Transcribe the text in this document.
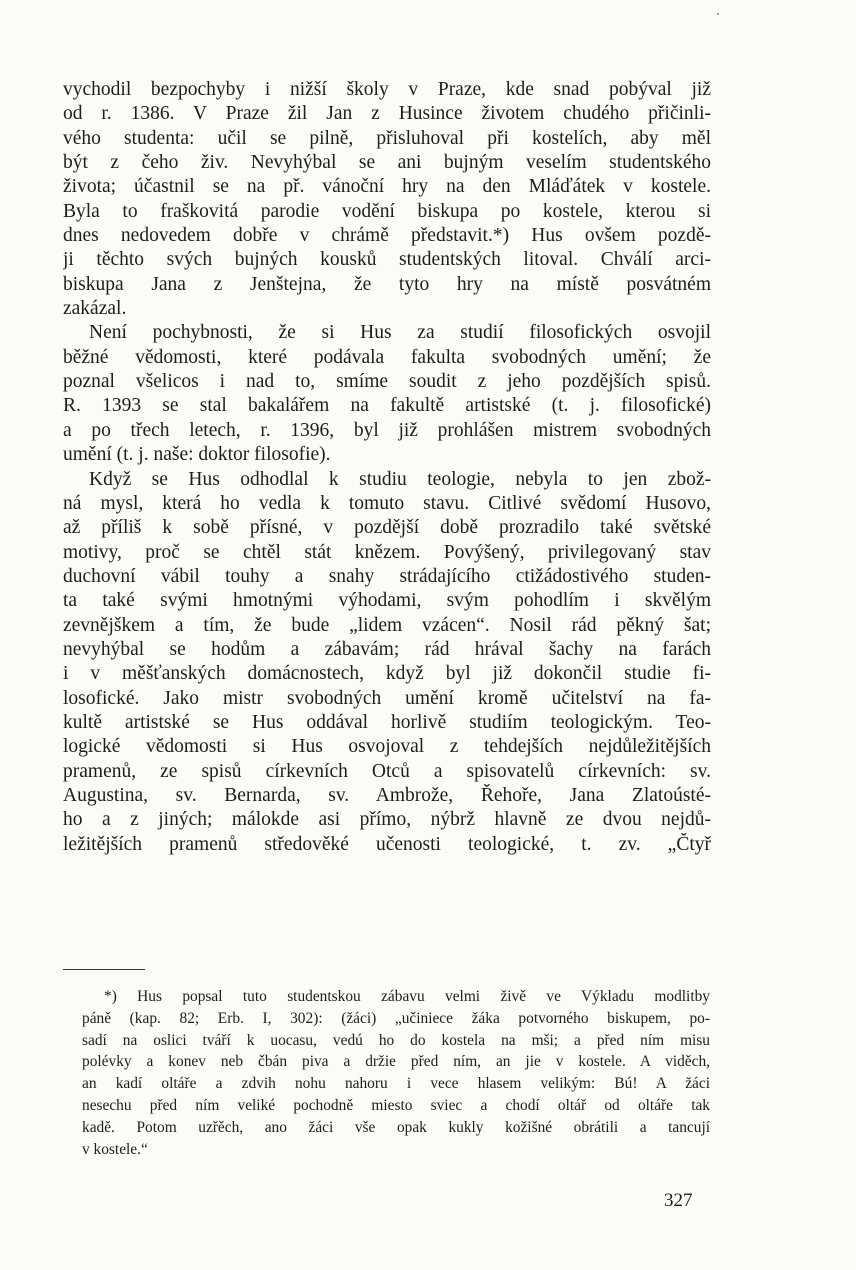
vychodil bezpochyby i nižší školy v Praze, kde snad pobýval již
od r. 1386. V Praze žil Jan z Husince životem chudého přičinli-
vého studenta: učil se pilně, přisluhoval při kostelích, aby měl
být z čeho živ. Nevyhýbal se ani bujným veselím studentského
života; účastnil se na př. vánoční hry na den Mláďátek v kostele.
Byla to fraškovitá parodie vodění biskupa po kostele, kterou si
dnes nedovedem dobře v chrámě představit.*) Hus ovšem pozdě-
ji těchto svých bujných kousků studentských litoval. Chválí arci-
biskupa Jana z Jenštejna, že tyto hry na místě posvátném
zakázal.
Není pochybnosti, že si Hus za studií filosofických osvojil
běžné vědomosti, které podávala fakulta svobodných umění; že
poznal všelicos i nad to, smíme soudit z jeho pozdějších spisů.
R. 1393 se stal bakalářem na fakultě artistské (t. j. filosofické)
a po třech letech, r. 1396, byl již prohlášen mistrem svobodných
umění (t. j. naše: doktor filosofie).
Když se Hus odhodlal k studiu teologie, nebyla to jen zbož-
ná mysl, která ho vedla k tomuto stavu. Citlivé svědomí Husovo,
až příliš k sobě přísné, v pozdější době prozradilo také světské
motivy, proč se chtěl stát knězem. Povýšený, privilegovaný stav
duchovní vábil touhy a snahy strádajícího ctižádostivého studen-
ta také svými hmotnými výhodami, svým pohodlím i skvělým
zevnějškem a tím, že bude „lidem vzácen“. Nosil rád pěkný šat;
nevyhýbal se hodům a zábavám; rád hrával šachy na farách
i v měšťanských domácnostech, když byl již dokončil studie fi-
losofické. Jako mistr svobodných umění kromě učitelství na fa-
kultě artistské se Hus oddával horlivě studiím teologickým. Teo-
logické vědomosti si Hus osvojoval z tehdejších nejdůležitějších
pramenů, ze spisů církevních Otců a spisovatelů církevních: sv.
Augustina, sv. Bernarda, sv. Ambrože, Řehoře, Jana Zlatoústé-
ho a z jiných; málokde asi přímo, nýbrž hlavně ze dvou nejdů-
ležitějších pramenů středověké učenosti teologické, t. zv. „Čtyř
*) Hus popsal tuto studentskou zábavu velmi živě ve Výkladu modlitby
páně (kap. 82; Erb. I, 302): (žáci) „učiniece žáka potvorného biskupem, po-
sadí na oslici tváří k uocasu, vedú ho do kostela na mši; a před ním misu
polévky a konev neb čbán piva a držie před ním, an jie v kostele. A viděch,
an kadí oltáře a zdvih nohu nahoru i vece hlasem velikým: Bú! A žáci
nesechu před ním veliké pochodně miesto sviec a chodí oltář od oltáře tak
kadě. Potom uzřěch, ano žáci vše opak kukly kožišné obrátili a tancují
v kostele.“
327
